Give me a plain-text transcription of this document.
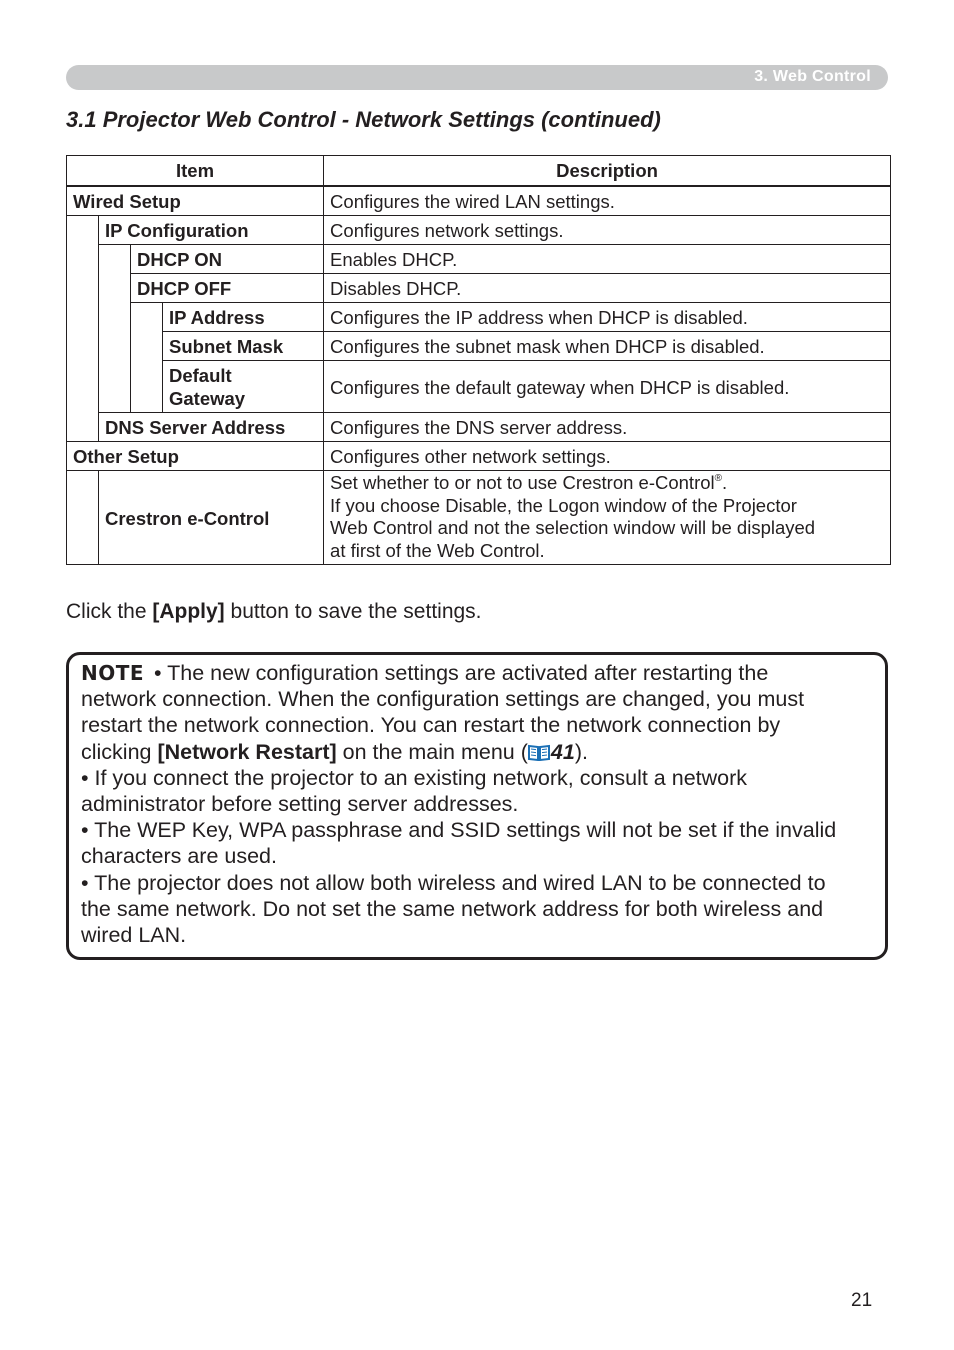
3. Web Control
3.1 Projector Web Control - Network Settings (continued)
Item				Description

Wired Setup				Configures the wired LAN settings.
	IP Configuration			Configures network settings.
		DHCP ON		Enables DHCP.
		DHCP OFF		Disables DHCP.
			IP Address	Configures the IP address when DHCP is disabled.
			Subnet Mask	Configures the subnet mask when DHCP is disabled.
			Default
Gateway	Configures the default gateway when DHCP is disabled.
	DNS Server Address			Configures the DNS server address.
Other Setup				Configures other network settings.
	Crestron e-Control			Set whether to or not to use Crestron e-Control®.
If you choose Disable, the Logon window of the Projector
Web Control and not the selection window will be displayed
at first of the Web Control.

Click the [Apply] button to save the settings.

NOTE • The new configuration settings are activated after restarting the
network connection. When the configuration settings are changed, you must
restart the network connection. You can restart the network connection by
clicking [Network Restart] on the main menu ( 41).
• If you connect the projector to an existing network, consult a network
administrator before setting server addresses.
• The WEP Key, WPA passphrase and SSID settings will not be set if the invalid
characters are used.
• The projector does not allow both wireless and wired LAN to be connected to
the same network. Do not set the same network address for both wireless and
wired LAN.
21
